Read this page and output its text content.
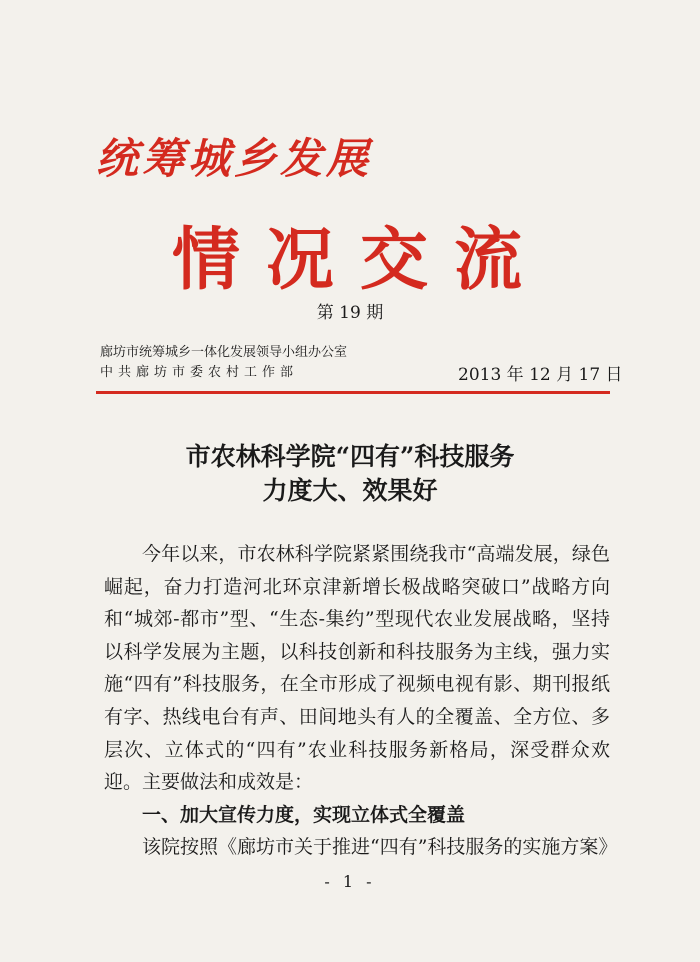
统筹城乡发展
情况交流
第 19 期
廊坊市统筹城乡一体化发展领导小组办公室
中共廊坊市委农村工作部	2013 年 12 月 17 日
市农林科学院“四有”科技服务
力度大、效果好

今年以来，市农林科学院紧紧围绕我市“高端发展，绿色崛起，奋力打造河北环京津新增长极战略突破口”战略方向和“城郊-都市”型、“生态-集约”型现代农业发展战略，坚持以科学发展为主题，以科技创新和科技服务为主线，强力实施“四有”科技服务，在全市形成了视频电视有影、期刊报纸有字、热线电台有声、田间地头有人的全覆盖、全方位、多层次、立体式的“四有”农业科技服务新格局，深受群众欢迎。主要做法和成效是：

一、加大宣传力度，实现立体式全覆盖

该院按照《廊坊市关于推进“四有”科技服务的实施方案》

- 1 -
